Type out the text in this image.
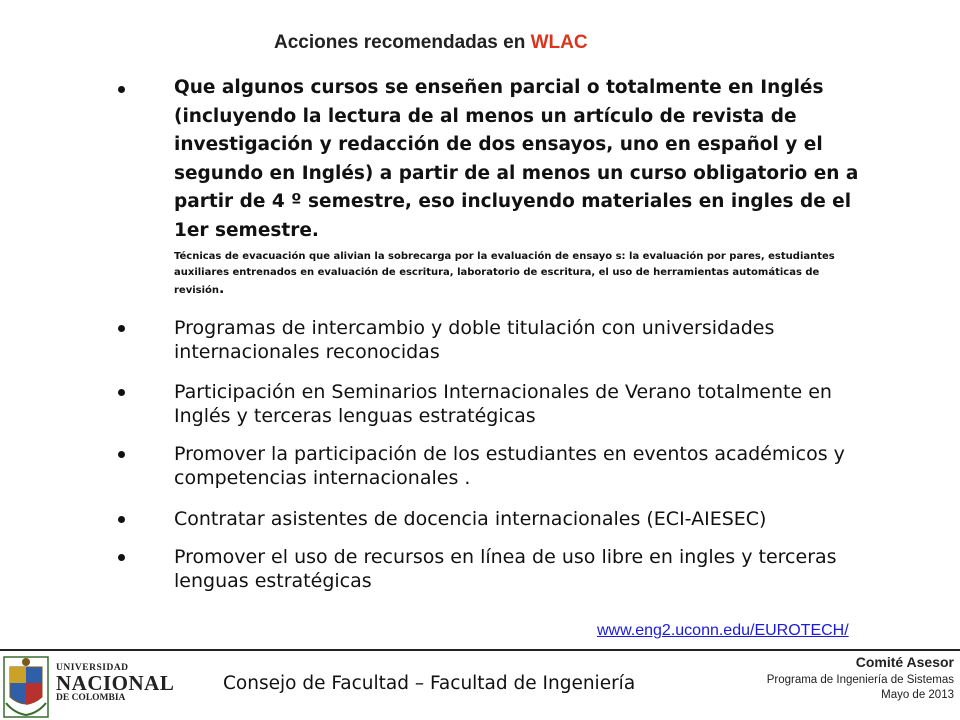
Acciones recomendadas en WLAC
Que algunos cursos se enseñen parcial o totalmente en Inglés (incluyendo la lectura de al menos un artículo de revista de investigación y redacción de dos ensayos, uno en español y el segundo en Inglés) a partir de al menos un curso obligatorio en a partir de 4 º semestre, eso incluyendo materiales en ingles de el 1er semestre.
Técnicas de evacuación que alivian la sobrecarga por la evaluación de ensayo s: la evaluación por pares, estudiantes auxiliares entrenados en evaluación de escritura, laboratorio de escritura, el uso de herramientas automáticas de revisión.
Programas de intercambio y doble titulación con universidades internacionales reconocidas
Participación en Seminarios Internacionales de Verano totalmente en Inglés y terceras lenguas estratégicas
Promover la participación de los estudiantes en eventos académicos y competencias internacionales .
Contratar asistentes de docencia internacionales (ECI-AIESEC)
Promover el uso de recursos en línea de uso libre en ingles y terceras lenguas estratégicas
www.eng2.uconn.edu/EUROTECH/
UNIVERSIDAD
NACIONAL
DE COLOMBIA
Consejo de Facultad – Facultad de Ingeniería
Comité Asesor
Programa de Ingeniería de Sistemas
Mayo de 2013
